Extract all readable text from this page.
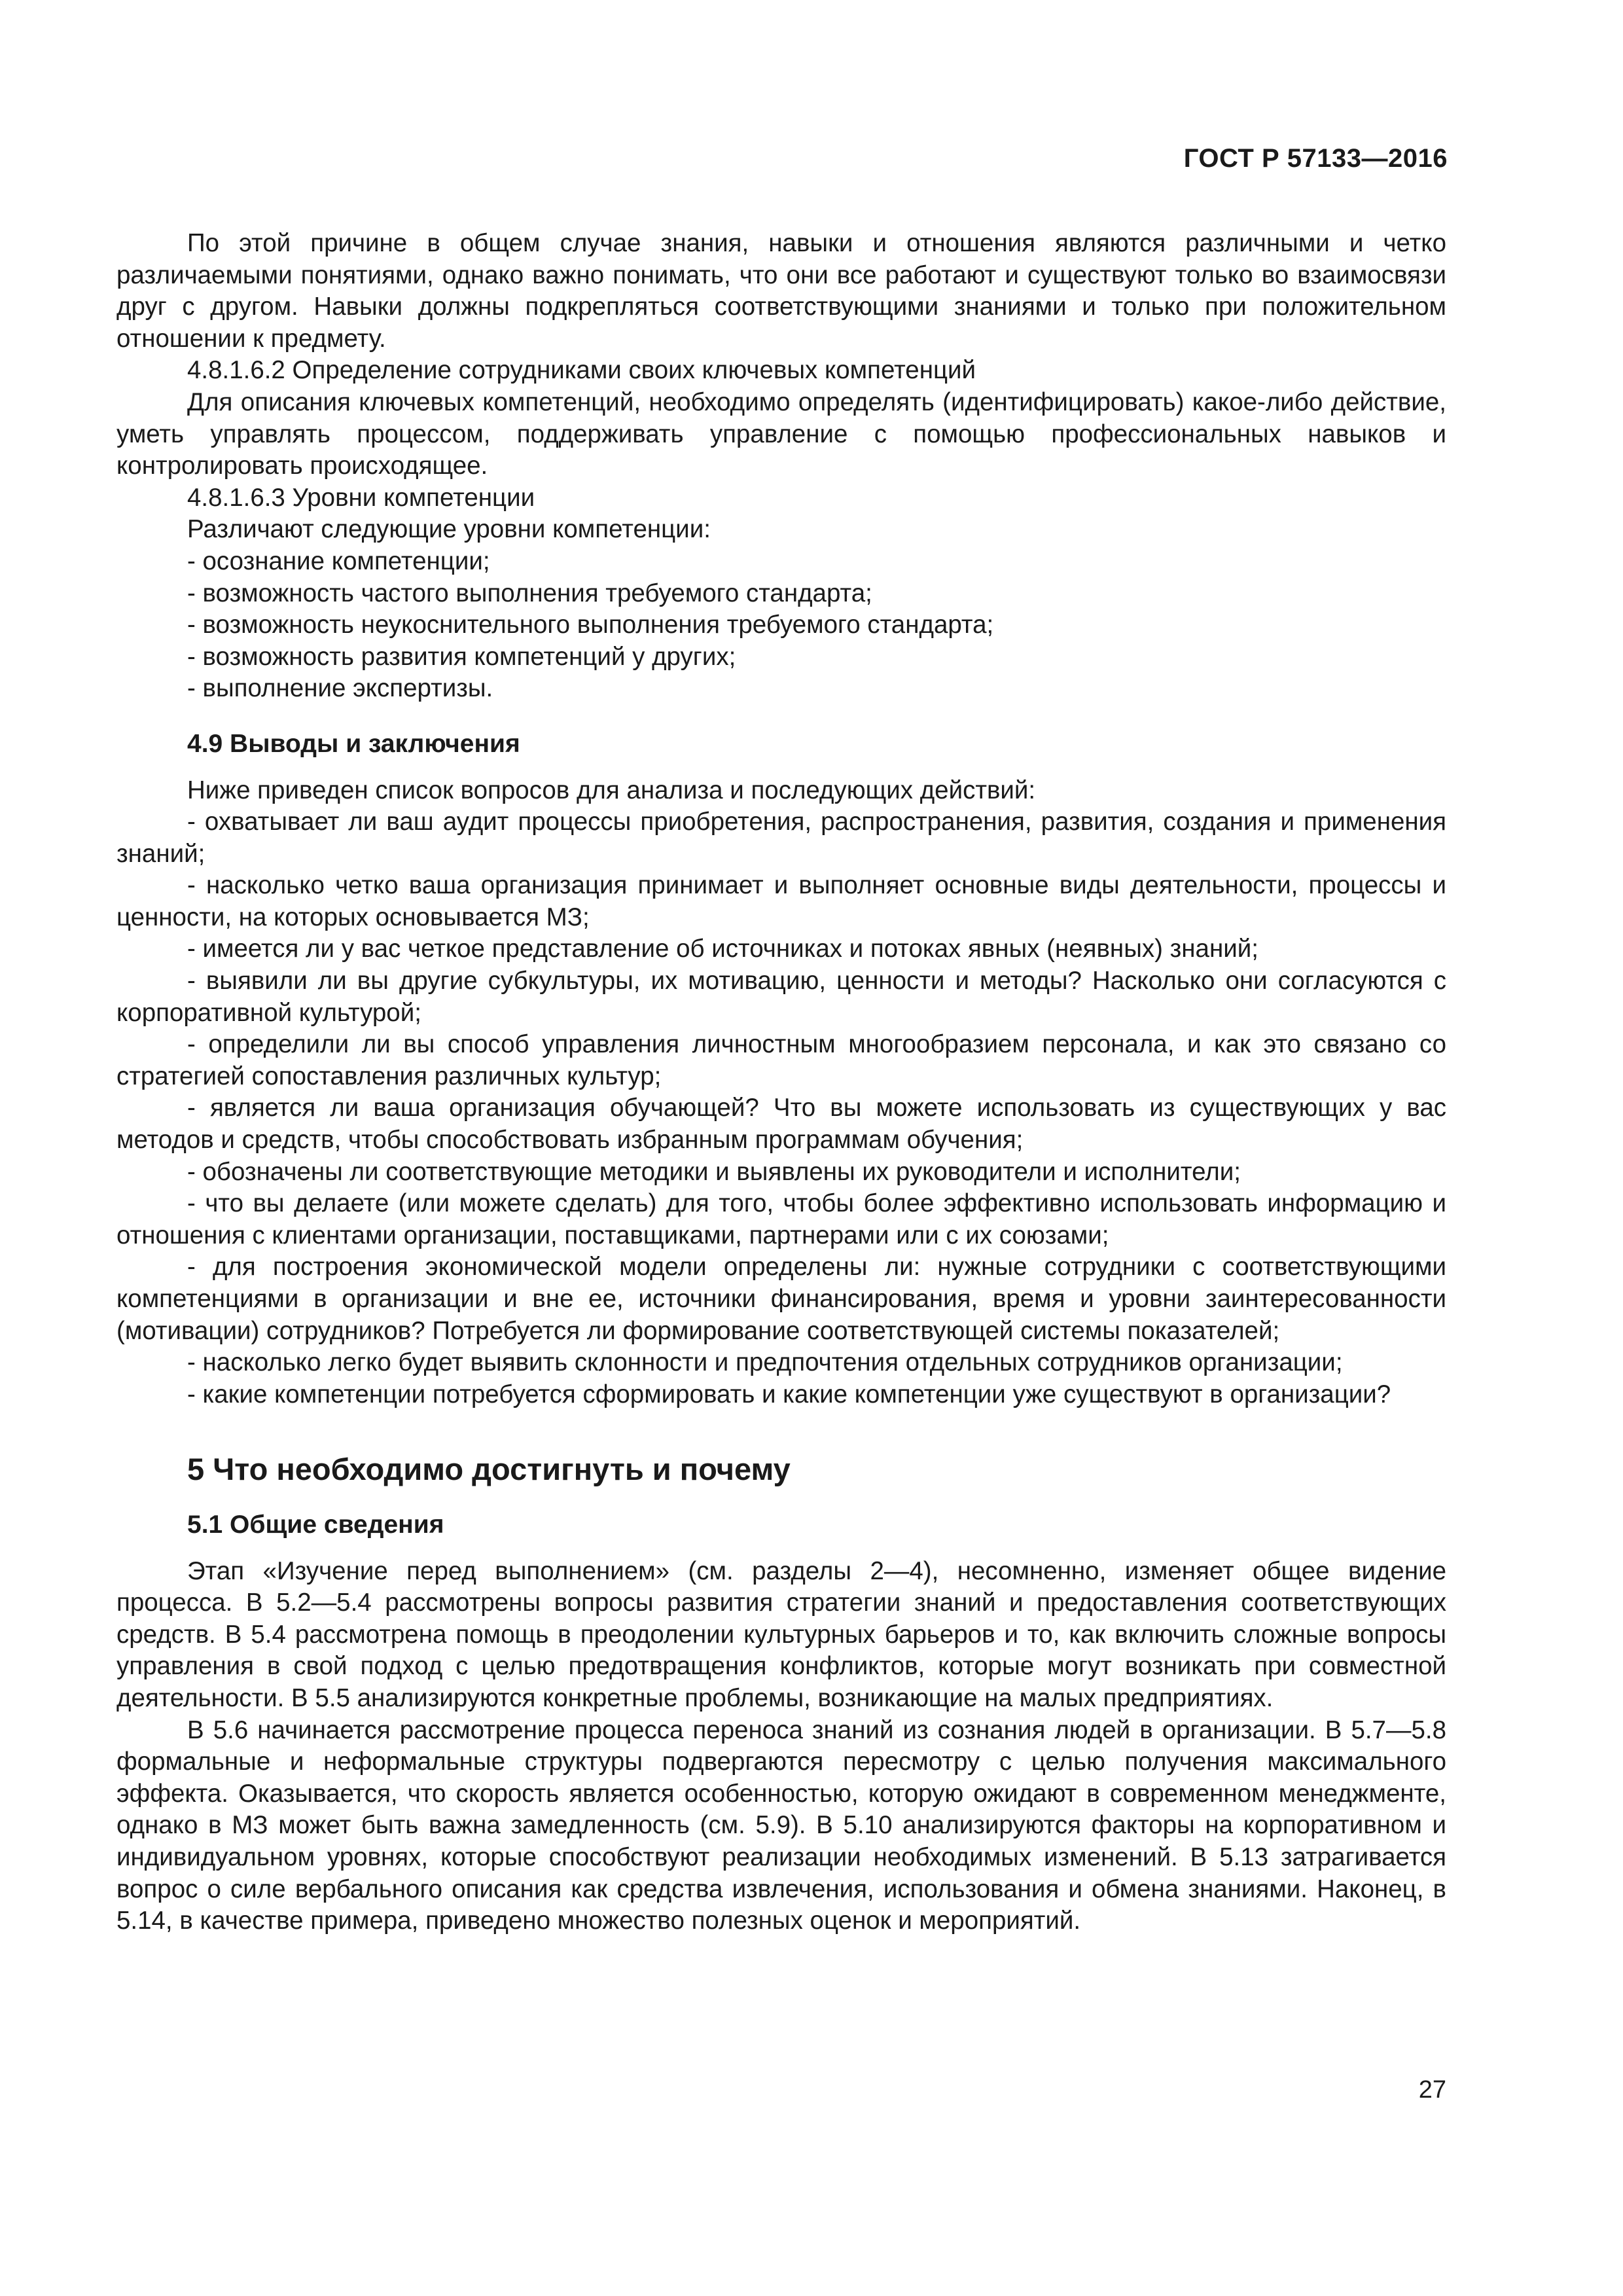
ГОСТ Р 57133—2016

По этой причине в общем случае знания, навыки и отношения являются различными и четко различаемыми понятиями, однако важно понимать, что они все работают и существуют только во взаимосвязи друг с другом. Навыки должны подкрепляться соответствующими знаниями и только при положительном отношении к предмету.

4.8.1.6.2 Определение сотрудниками своих ключевых компетенций

Для описания ключевых компетенций, необходимо определять (идентифицировать) какое-либо действие, уметь управлять процессом, поддерживать управление с помощью профессиональных навыков и контролировать происходящее.

4.8.1.6.3 Уровни компетенции

Различают следующие уровни компетенции:

- осознание компетенции;

- возможность частого выполнения требуемого стандарта;

- возможность неукоснительного выполнения требуемого стандарта;

- возможность развития компетенций у других;

- выполнение экспертизы.

4.9 Выводы и заключения

Ниже приведен список вопросов для анализа и последующих действий:

- охватывает ли ваш аудит процессы приобретения, распространения, развития, создания и применения знаний;

- насколько четко ваша организация принимает и выполняет основные виды деятельности, процессы и ценности, на которых основывается МЗ;

- имеется ли у вас четкое представление об источниках и потоках явных (неявных) знаний;

- выявили ли вы другие субкультуры, их мотивацию, ценности и методы? Насколько они согласуются с корпоративной культурой;

- определили ли вы способ управления личностным многообразием персонала, и как это связано со стратегией сопоставления различных культур;

- является ли ваша организация обучающей? Что вы можете использовать из существующих у вас методов и средств, чтобы способствовать избранным программам обучения;

- обозначены ли соответствующие методики и выявлены их руководители и исполнители;

- что вы делаете (или можете сделать) для того, чтобы более эффективно использовать информацию и отношения с клиентами организации, поставщиками, партнерами или с их союзами;

- для построения экономической модели определены ли: нужные сотрудники с соответствующими компетенциями в организации и вне ее, источники финансирования, время и уровни заинтересованности (мотивации) сотрудников? Потребуется ли формирование соответствующей системы показателей;

- насколько легко будет выявить склонности и предпочтения отдельных сотрудников организации;

- какие компетенции потребуется сформировать и какие компетенции уже существуют в организации?

5 Что необходимо достигнуть и почему
5.1 Общие сведения

Этап «Изучение перед выполнением» (см. разделы 2—4), несомненно, изменяет общее видение процесса. В 5.2—5.4 рассмотрены вопросы развития стратегии знаний и предоставления соответствующих средств. В 5.4 рассмотрена помощь в преодолении культурных барьеров и то, как включить сложные вопросы управления в свой подход с целью предотвращения конфликтов, которые могут возникать при совместной деятельности. В 5.5 анализируются конкретные проблемы, возникающие на малых предприятиях.

В 5.6 начинается рассмотрение процесса переноса знаний из сознания людей в организации. В 5.7—5.8 формальные и неформальные структуры подвергаются пересмотру с целью получения максимального эффекта. Оказывается, что скорость является особенностью, которую ожидают в современном менеджменте, однако в МЗ может быть важна замедленность (см. 5.9). В 5.10 анализируются факторы на корпоративном и индивидуальном уровнях, которые способствуют реализации необходимых изменений. В 5.13 затрагивается вопрос о силе вербального описания как средства извлечения, использования и обмена знаниями. Наконец, в 5.14, в качестве примера, приведено множество полезных оценок и мероприятий.

27
